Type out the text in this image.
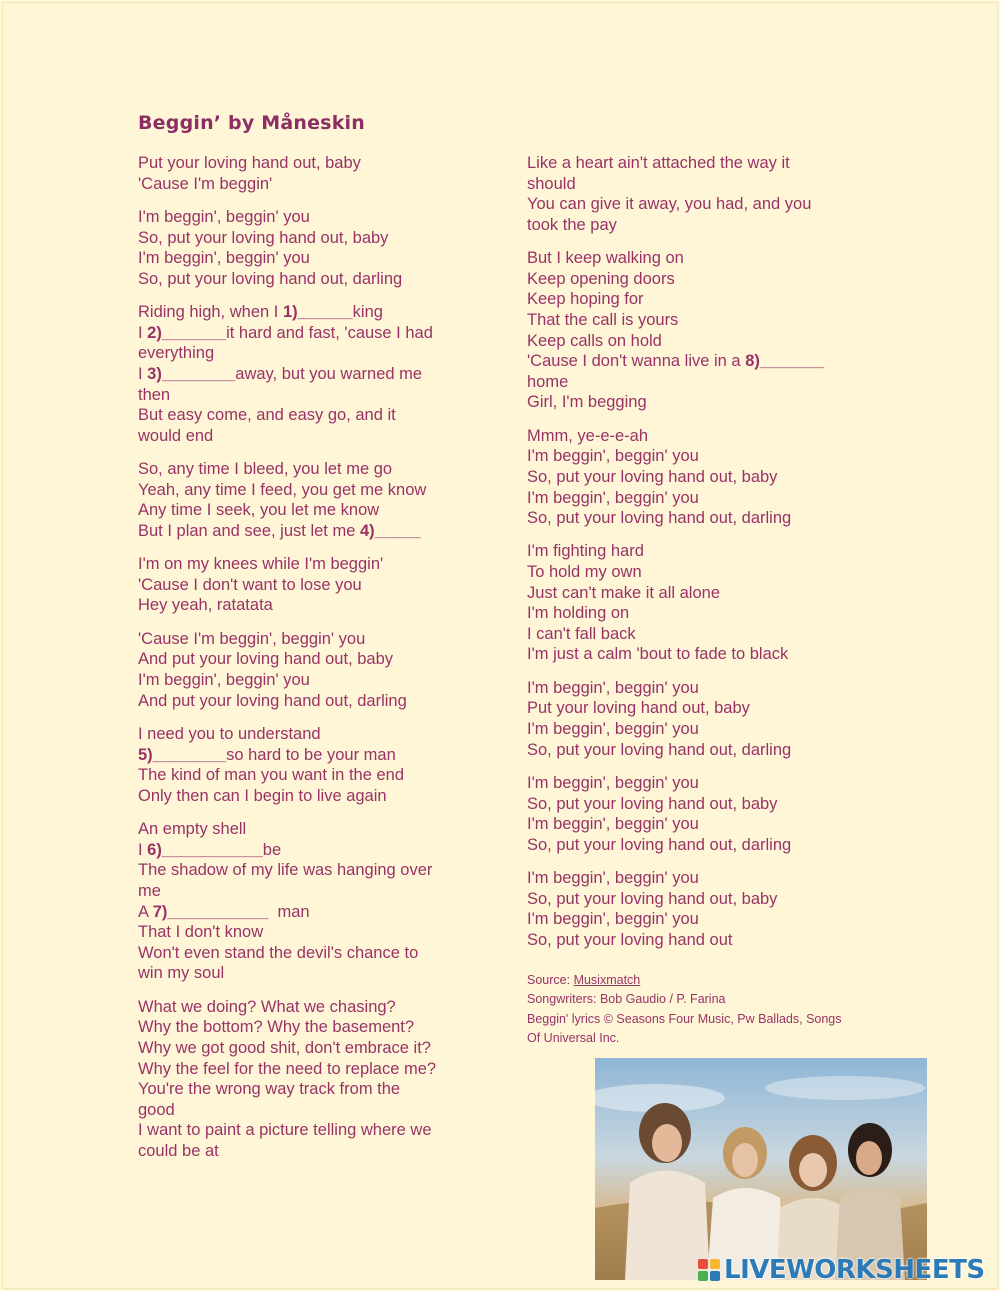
Beggin’ by Måneskin
Put your loving hand out, baby
'Cause I'm beggin'
I'm beggin', beggin' you
So, put your loving hand out, baby
I'm beggin', beggin' you
So, put your loving hand out, darling
Riding high, when I 1)______king
I 2)_______it hard and fast, 'cause I had
everything
I 3)________away, but you warned me
then
But easy come, and easy go, and it
would end
So, any time I bleed, you let me go
Yeah, any time I feed, you get me know
Any time I seek, you let me know
But I plan and see, just let me 4)_____
I'm on my knees while I'm beggin'
'Cause I don't want to lose you
Hey yeah, ratatata
'Cause I'm beggin', beggin' you
And put your loving hand out, baby
I'm beggin', beggin' you
And put your loving hand out, darling
I need you to understand
5)________so hard to be your man
The kind of man you want in the end
Only then can I begin to live again
An empty shell
I 6)___________be
The shadow of my life was hanging over
me
A 7)___________  man
That I don't know
Won't even stand the devil's chance to
win my soul
What we doing? What we chasing?
Why the bottom? Why the basement?
Why we got good shit, don't embrace it?
Why the feel for the need to replace me?
You're the wrong way track from the
good
I want to paint a picture telling where we
could be at
Like a heart ain't attached the way it
should
You can give it away, you had, and you
took the pay
But I keep walking on
Keep opening doors
Keep hoping for
That the call is yours
Keep calls on hold
'Cause I don't wanna live in a 8)_______
home
Girl, I'm begging
Mmm, ye-e-e-ah
I'm beggin', beggin' you
So, put your loving hand out, baby
I'm beggin', beggin' you
So, put your loving hand out, darling
I'm fighting hard
To hold my own
Just can't make it all alone
I'm holding on
I can't fall back
I'm just a calm 'bout to fade to black
I'm beggin', beggin' you
Put your loving hand out, baby
I'm beggin', beggin' you
So, put your loving hand out, darling
I'm beggin', beggin' you
So, put your loving hand out, baby
I'm beggin', beggin' you
So, put your loving hand out, darling
I'm beggin', beggin' you
So, put your loving hand out, baby
I'm beggin', beggin' you
So, put your loving hand out
Source: Musixmatch
Songwriters: Bob Gaudio / P. Farina
Beggin' lyrics © Seasons Four Music, Pw Ballads, Songs
Of Universal Inc.
LIVEWORKSHEETS
